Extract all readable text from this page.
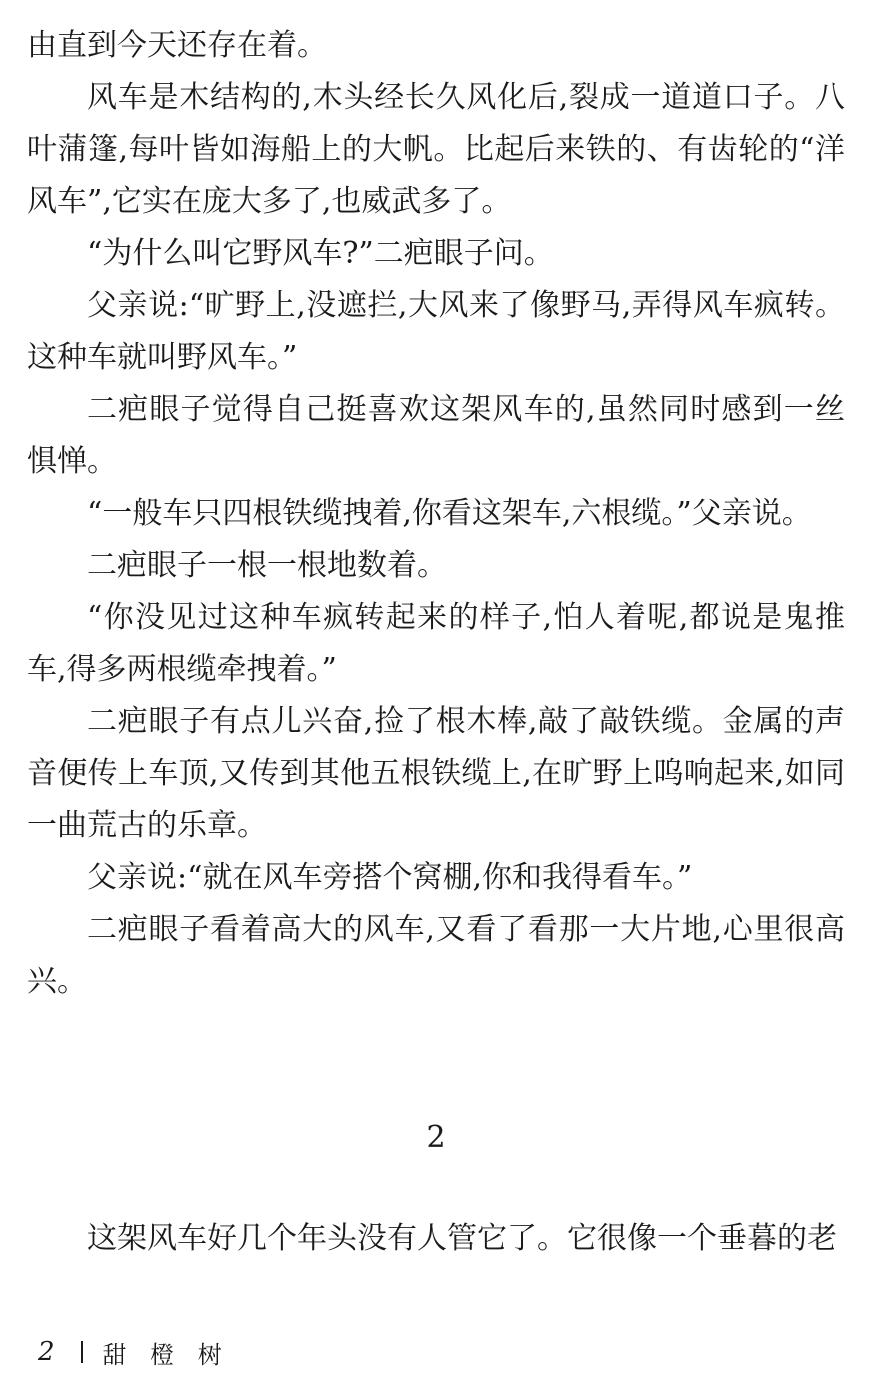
由直到今天还存在着。

风车是木结构的,木头经长久风化后,裂成一道道口子。八叶蒲篷,每叶皆如海船上的大帆。比起后来铁的、有齿轮的“洋风车”,它实在庞大多了,也威武多了。

“为什么叫它野风车?”二疤眼子问。

父亲说:“旷野上,没遮拦,大风来了像野马,弄得风车疯转。这种车就叫野风车。”

二疤眼子觉得自己挺喜欢这架风车的,虽然同时感到一丝惧惮。

“一般车只四根铁缆拽着,你看这架车,六根缆。”父亲说。

二疤眼子一根一根地数着。

“你没见过这种车疯转起来的样子,怕人着呢,都说是鬼推车,得多两根缆牵拽着。”

二疤眼子有点儿兴奋,捡了根木棒,敲了敲铁缆。金属的声音便传上车顶,又传到其他五根铁缆上,在旷野上呜响起来,如同一曲荒古的乐章。

父亲说:“就在风车旁搭个窝棚,你和我得看车。”

二疤眼子看着高大的风车,又看了看那一大片地,心里很高兴。

2

这架风车好几个年头没有人管它了。它很像一个垂暮的老

2 甜 橙 树
